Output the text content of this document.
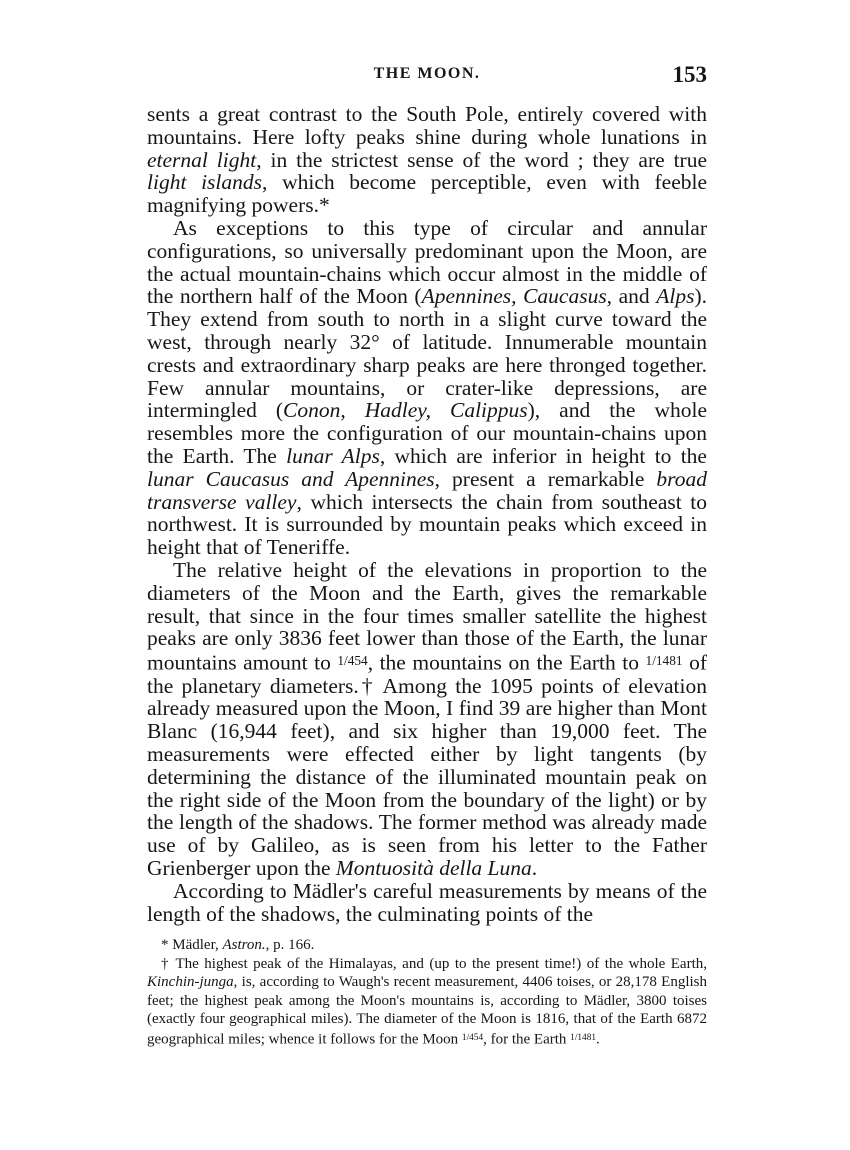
THE MOON.	153

sents a great contrast to the South Pole, entirely covered with mountains. Here lofty peaks shine during whole lunations in eternal light, in the strictest sense of the word ; they are true light islands, which become perceptible, even with feeble magnifying powers.*

As exceptions to this type of circular and annular configurations, so universally predominant upon the Moon, are the actual mountain-chains which occur almost in the middle of the northern half of the Moon (Apennines, Caucasus, and Alps). They extend from south to north in a slight curve toward the west, through nearly 32° of latitude. Innumerable mountain crests and extraordinary sharp peaks are here thronged together. Few annular mountains, or crater-like depressions, are intermingled (Conon, Hadley, Calippus), and the whole resembles more the configuration of our mountain-chains upon the Earth. The lunar Alps, which are inferior in height to the lunar Caucasus and Apennines, present a remarkable broad transverse valley, which intersects the chain from southeast to northwest. It is surrounded by mountain peaks which exceed in height that of Teneriffe.

The relative height of the elevations in proportion to the diameters of the Moon and the Earth, gives the remarkable result, that since in the four times smaller satellite the highest peaks are only 3836 feet lower than those of the Earth, the lunar mountains amount to $^{1/454}$, the mountains on the Earth to $^{1/1481}$ of the planetary diameters.† Among the 1095 points of elevation already measured upon the Moon, I find 39 are higher than Mont Blanc (16,944 feet), and six higher than 19,000 feet. The measurements were effected either by light tangents (by determining the distance of the illuminated mountain peak on the right side of the Moon from the boundary of the light) or by the length of the shadows. The former method was already made use of by Galileo, as is seen from his letter to the Father Grienberger upon the Montuosità della Luna.

According to Mädler's careful measurements by means of the length of the shadows, the culminating points of the

* Mädler, Astron., p. 166.

† The highest peak of the Himalayas, and (up to the present time!) of the whole Earth, Kinchin-junga, is, according to Waugh's recent measurement, 4406 toises, or 28,178 English feet; the highest peak among the Moon's mountains is, according to Mädler, 3800 toises (exactly four geographical miles). The diameter of the Moon is 1816, that of the Earth 6872 geographical miles; whence it follows for the Moon $^{1/454}$, for the Earth $^{1/1481}$.
